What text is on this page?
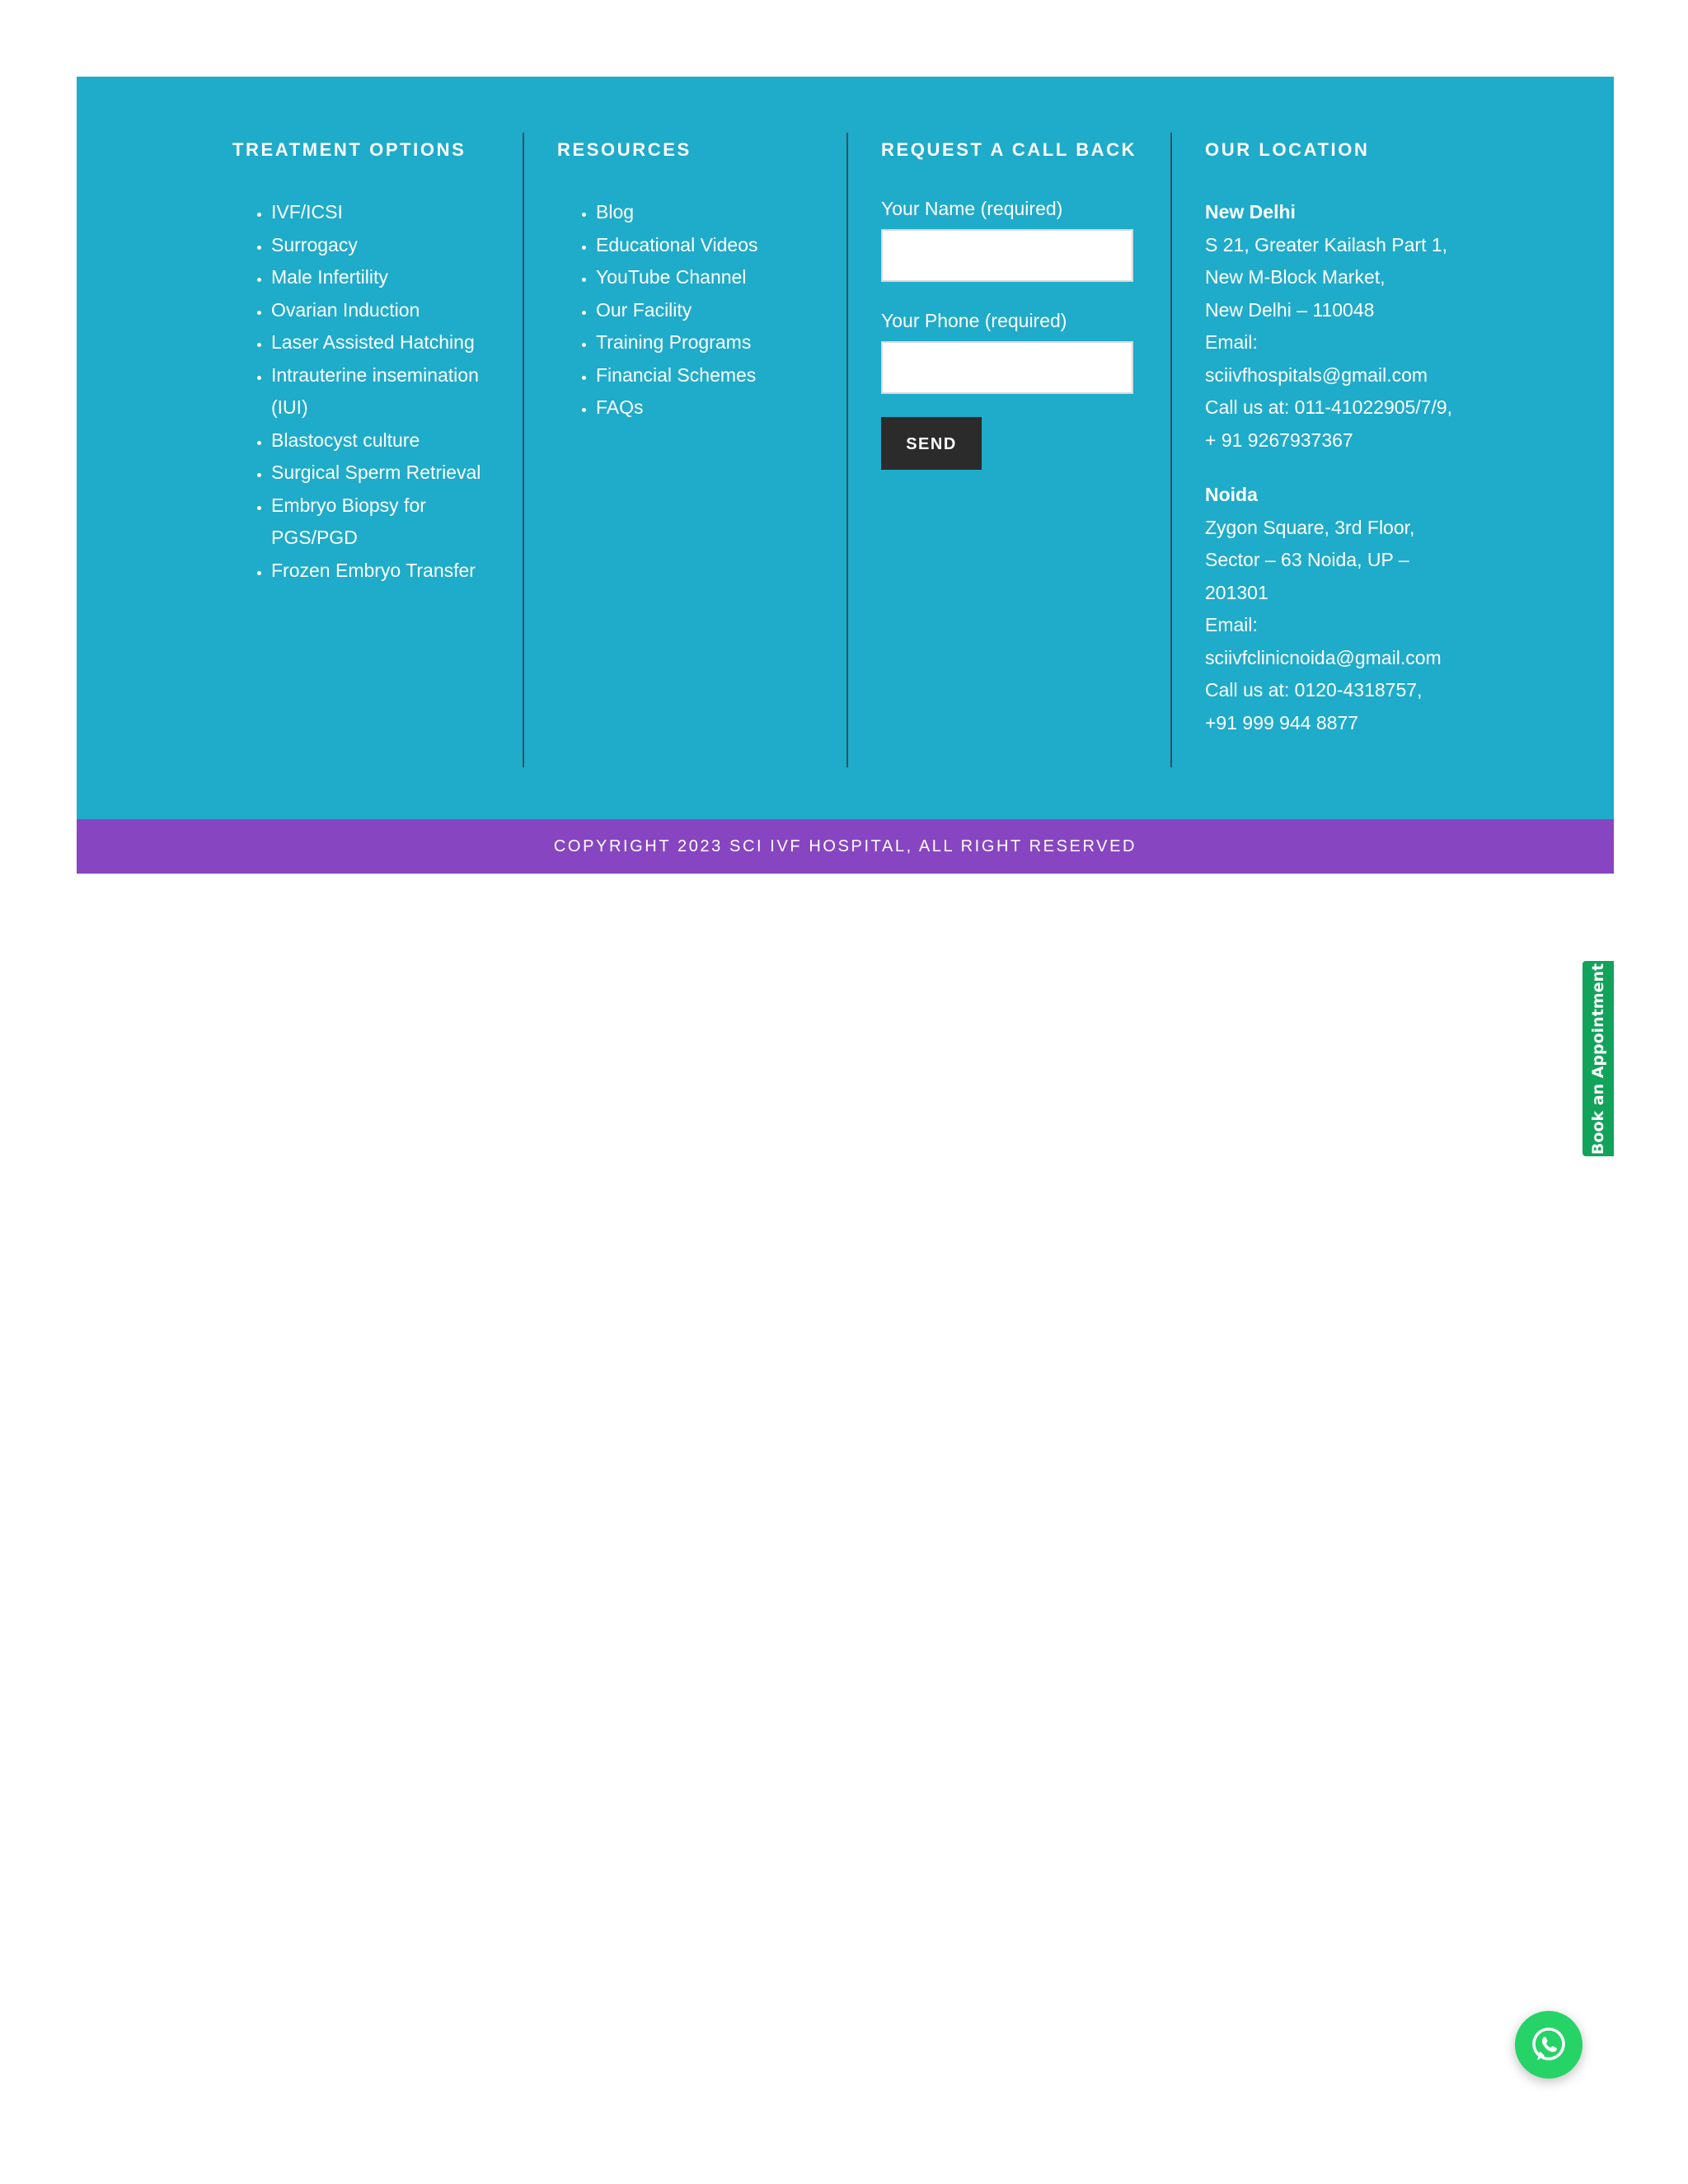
TREATMENT OPTIONS
• IVF/ICSI
• Surrogacy
• Male Infertility
• Ovarian Induction
• Laser Assisted Hatching
• Intrauterine insemination (IUI)
• Blastocyst culture
• Surgical Sperm Retrieval
• Embryo Biopsy for PGS/PGD
• Frozen Embryo Transfer
RESOURCES
• Blog
• Educational Videos
• YouTube Channel
• Our Facility
• Training Programs
• Financial Schemes
• FAQs
REQUEST A CALL BACK
Your Name (required)
Your Phone (required)
SEND
OUR LOCATION
New Delhi
S 21, Greater Kailash Part 1,
New M-Block Market,
New Delhi – 110048
Email:
sciivfhospitals@gmail.com
Call us at: 011-41022905/7/9,
+ 91 9267937367
Noida
Zygon Square, 3rd Floor,
Sector – 63 Noida, UP –
201301
Email:
sciivfclinicnoida@gmail.com
Call us at: 0120-4318757,
+91 999 944 8877
COPYRIGHT 2023 SCI IVF HOSPITAL, ALL RIGHT RESERVED
Book an Appointment
